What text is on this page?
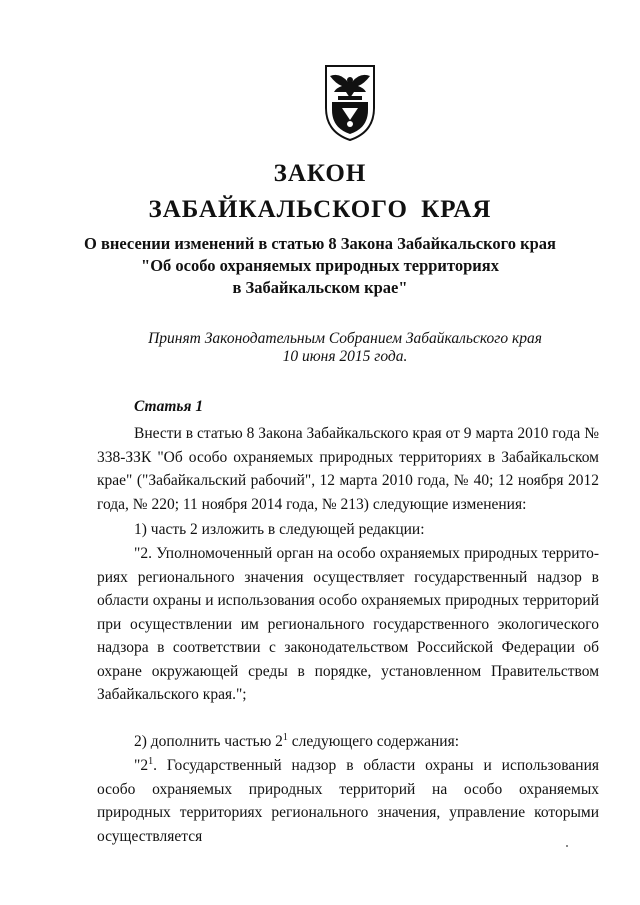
ЗАКОН
ЗАБАЙКАЛЬСКОГО КРАЯ
О внесении изменений в статью 8 Закона Забайкальского края
"Об особо охраняемых природных территориях
в Забайкальском крае"
Принят Законодательным Собранием Забайкальского края
10 июня 2015 года.
Статья 1
Внести в статью 8 Закона Забайкальского края от 9 марта 2010 года № 338-ЗЗК "Об особо охраняемых природных территориях в Забайкальском крае" ("Забайкальский рабочий", 12 марта 2010 года, № 40; 12 ноября 2012 года, № 220; 11 ноября 2014 года, № 213) следующие изменения:
1) часть 2 изложить в следующей редакции:
"2. Уполномоченный орган на особо охраняемых природных территориях регионального значения осуществляет государственный надзор в области охраны и использования особо охраняемых природных территорий при осуществлении им регионального государственного экологического надзора в соответствии с законодательством Российской Федерации об охране окружающей среды в порядке, установленном Правительством Забайкальского края.";
2) дополнить частью $2^1$ следующего содержания:
"$2^1$. Государственный надзор в области охраны и использования особо охраняемых природных территорий на особо охраняемых природных территориях регионального значения, управление которыми осуществляется
